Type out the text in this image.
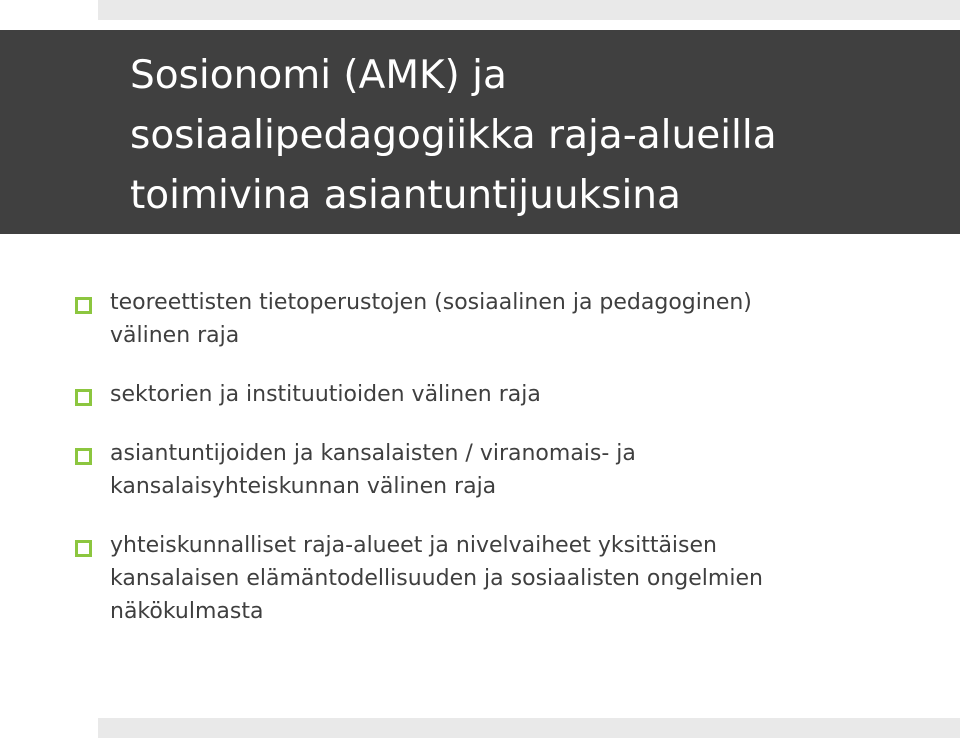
Sosionomi (AMK) ja
sosiaalipedagogiikka raja-alueilla
toimivina asiantuntijuuksina
teoreettisten tietoperustojen (sosiaalinen ja pedagoginen)
välinen raja
sektorien ja instituutioiden välinen raja
asiantuntijoiden ja kansalaisten / viranomais- ja
kansalaisyhteiskunnan välinen raja
yhteiskunnalliset raja-alueet ja nivelvaiheet yksittäisen
kansalaisen elämäntodellisuuden ja sosiaalisten ongelmien
näkökulmasta
